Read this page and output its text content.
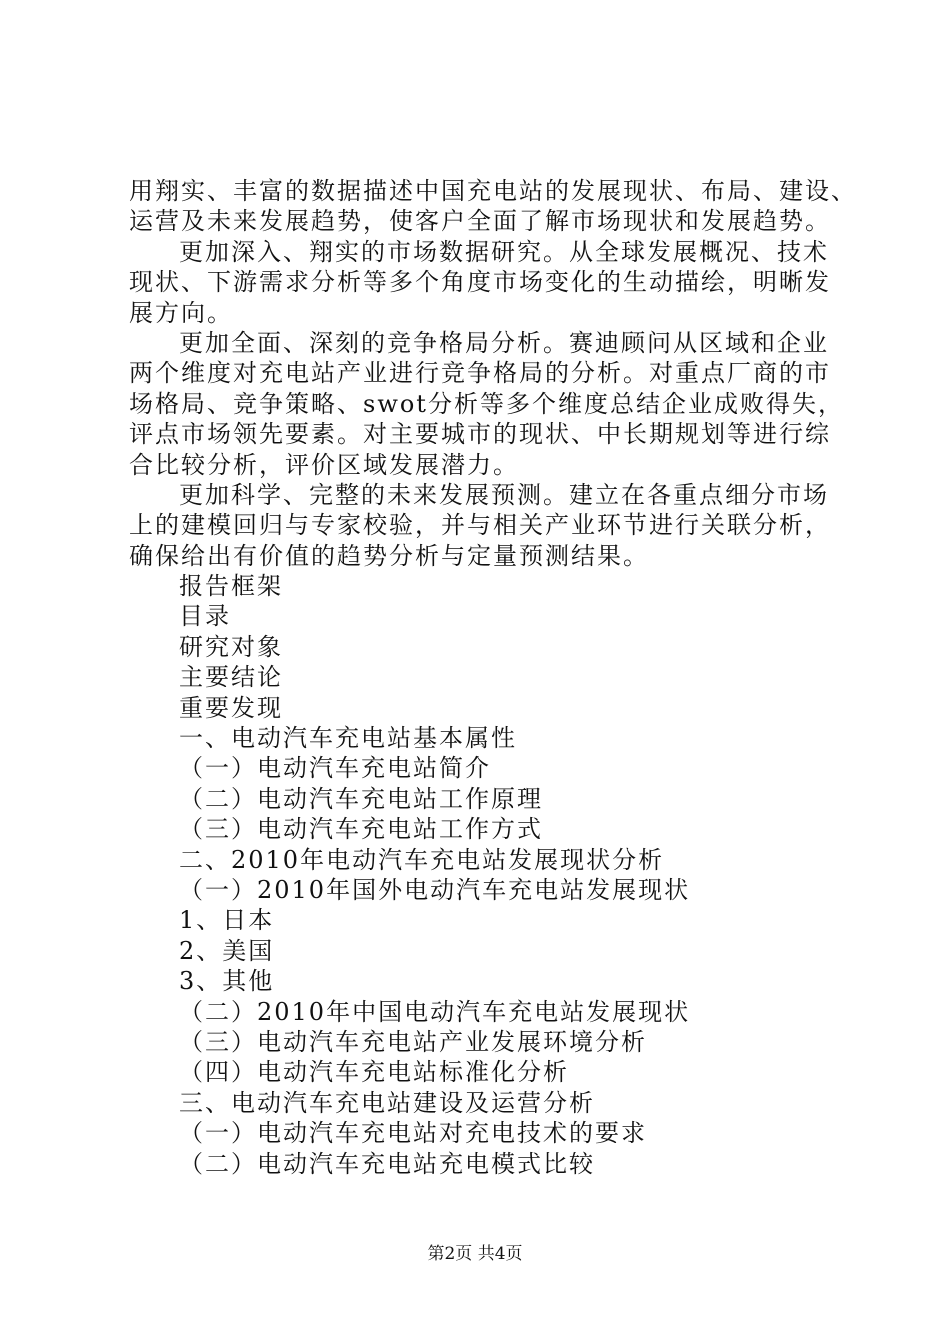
用翔实、丰富的数据描述中国充电站的发展现状、布局、建设、
运营及未来发展趋势，使客户全面了解市场现状和发展趋势。
更加深入、翔实的市场数据研究。从全球发展概况、技术
现状、下游需求分析等多个角度市场变化的生动描绘，明晰发
展方向。
更加全面、深刻的竞争格局分析。赛迪顾问从区域和企业
两个维度对充电站产业进行竞争格局的分析。对重点厂商的市
场格局、竞争策略、swot分析等多个维度总结企业成败得失，
评点市场领先要素。对主要城市的现状、中长期规划等进行综
合比较分析，评价区域发展潜力。
更加科学、完整的未来发展预测。建立在各重点细分市场
上的建模回归与专家校验，并与相关产业环节进行关联分析，
确保给出有价值的趋势分析与定量预测结果。
报告框架
目录
研究对象
主要结论
重要发现
一、电动汽车充电站基本属性
（一）电动汽车充电站简介
（二）电动汽车充电站工作原理
（三）电动汽车充电站工作方式
二、2010年电动汽车充电站发展现状分析
（一）2010年国外电动汽车充电站发展现状
1、日本
2、美国
3、其他
（二）2010年中国电动汽车充电站发展现状
（三）电动汽车充电站产业发展环境分析
（四）电动汽车充电站标准化分析
三、电动汽车充电站建设及运营分析
（一）电动汽车充电站对充电技术的要求
（二）电动汽车充电站充电模式比较
第2页 共4页
